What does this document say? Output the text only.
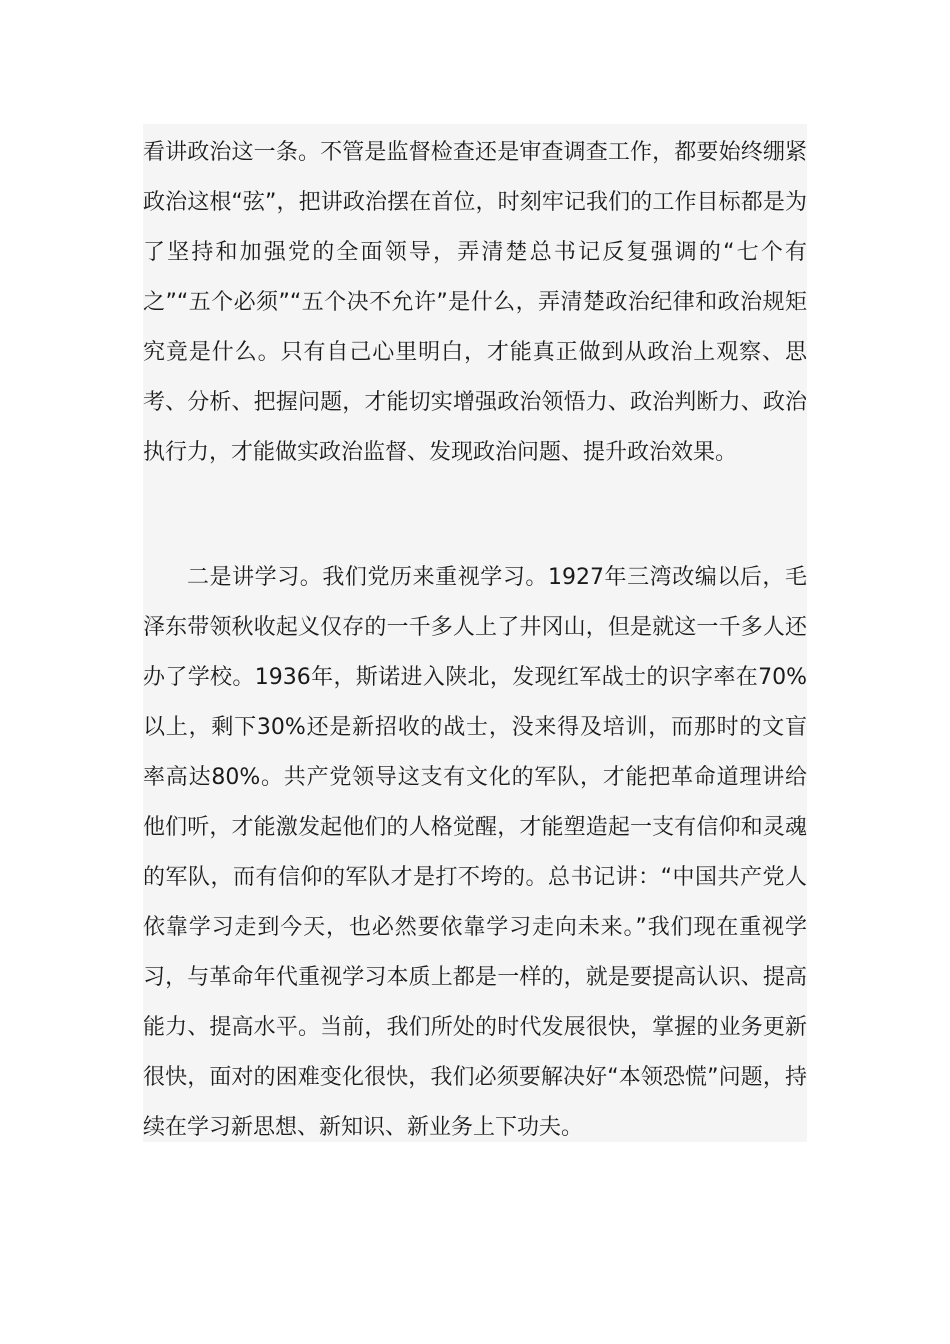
看讲政治这一条。不管是监督检查还是审查调查工作，都要始终绷紧政治这根“弦”，把讲政治摆在首位，时刻牢记我们的工作目标都是为了坚持和加强党的全面领导，弄清楚总书记反复强调的“七个有之”“五个必须”“五个决不允许”是什么，弄清楚政治纪律和政治规矩究竟是什么。只有自己心里明白，才能真正做到从政治上观察、思考、分析、把握问题，才能切实增强政治领悟力、政治判断力、政治执行力，才能做实政治监督、发现政治问题、提升政治效果。

二是讲学习。我们党历来重视学习。1927年三湾改编以后，毛泽东带领秋收起义仅存的一千多人上了井冈山，但是就这一千多人还办了学校。1936年，斯诺进入陕北，发现红军战士的识字率在70%以上，剩下30%还是新招收的战士，没来得及培训，而那时的文盲率高达80%。共产党领导这支有文化的军队，才能把革命道理讲给他们听，才能激发起他们的人格觉醒，才能塑造起一支有信仰和灵魂的军队，而有信仰的军队才是打不垮的。总书记讲：“中国共产党人依靠学习走到今天，也必然要依靠学习走向未来。”我们现在重视学习，与革命年代重视学习本质上都是一样的，就是要提高认识、提高能力、提高水平。当前，我们所处的时代发展很快，掌握的业务更新很快，面对的困难变化很快，我们必须要解决好“本领恐慌”问题，持续在学习新思想、新知识、新业务上下功夫。
